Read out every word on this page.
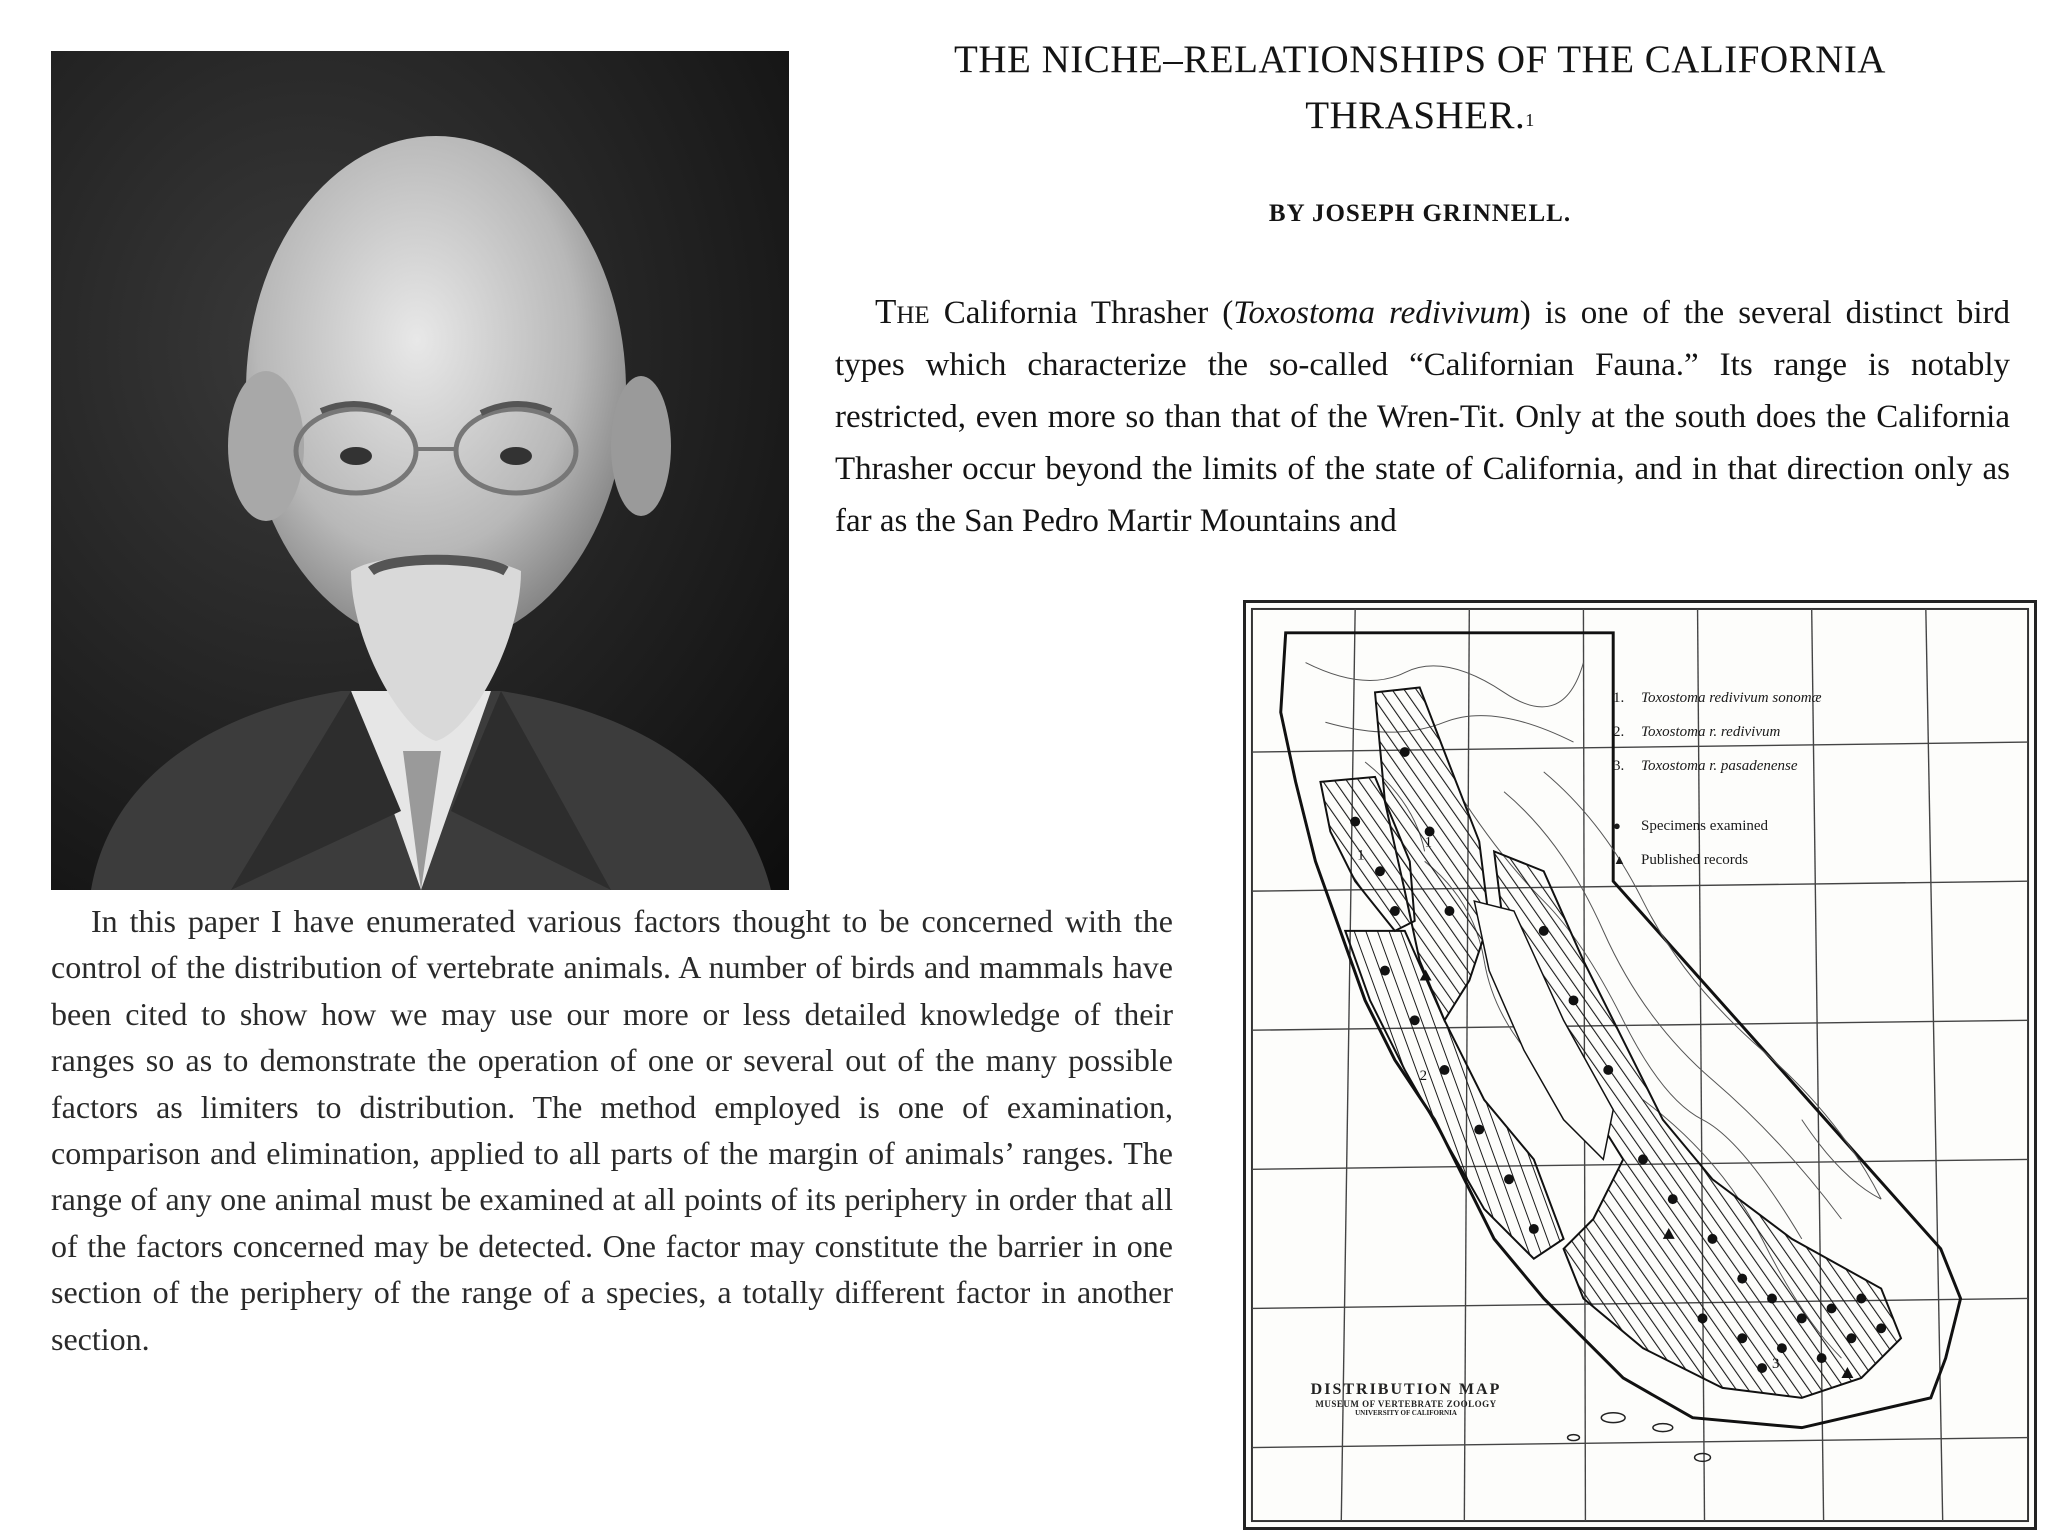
THE NICHE–RELATIONSHIPS OF THE CALIFORNIA
THRASHER.$^1$

BY JOSEPH GRINNELL.

The California Thrasher (Toxostoma redivivum) is one of the several distinct bird types which characterize the so-called “Californian Fauna.” Its range is notably restricted, even more so than that of the Wren-Tit. Only at the south does the California Thrasher occur beyond the limits of the state of California, and in that direction only as far as the San Pedro Martir Mountains and

In this paper I have enumerated various factors thought to be concerned with the control of the distribution of vertebrate animals. A number of birds and mammals have been cited to show how we may use our more or less detailed knowledge of their ranges so as to demonstrate the operation of one or several out of the many possible factors as limiters to distribution. The method employed is one of examination, comparison and elimination, applied to all parts of the margin of animals’ ranges. The range of any one animal must be examined at all points of its periphery in order that all of the factors concerned may be detected. One factor may constitute the barrier in one section of the periphery of the range of a species, a totally different factor in another section.

1
1
2
3
1.	Toxostoma redivivum sonomæ
2.	Toxostoma r. redivivum
3.	Toxostoma r. pasadenense
●	Specimens examined
▲	Published records
DISTRIBUTION MAP
MUSEUM OF VERTEBRATE ZOOLOGY
UNIVERSITY OF CALIFORNIA
